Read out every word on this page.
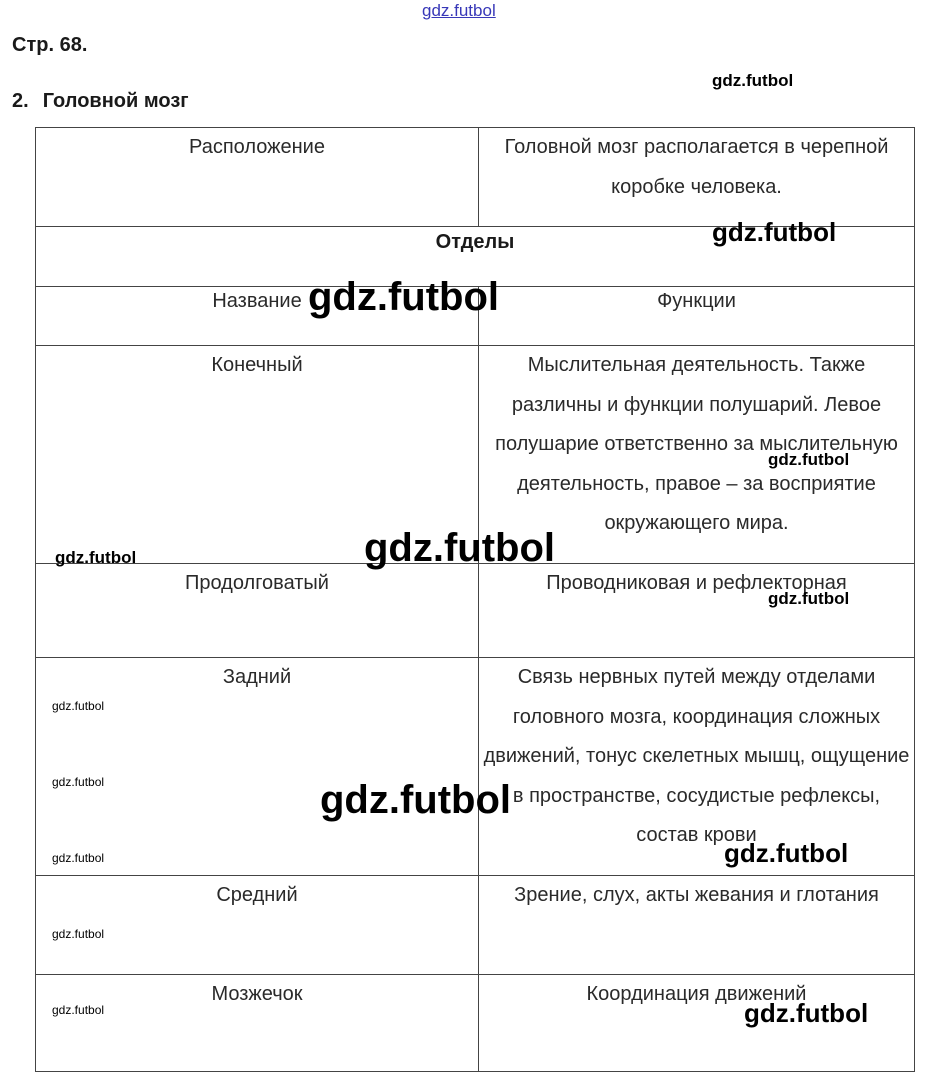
Стр. 68.
2. Головной мозг
Расположение	Головной мозг располагается в черепной коробке человека.
Отделы	
Название	Функции
Конечный	Мыслительная деятельность. Также различны и функции полушарий. Левое полушарие ответственно за мыслительную деятельность, правое – за восприятие окружающего мира.
Продолговатый	Проводниковая и рефлекторная
Задний	Связь нервных путей между отделами головного мозга, координация сложных движений, тонус скелетных мышц, ощущение в пространстве, сосудистые рефлексы, состав крови
Средний	Зрение, слух, акты жевания и глотания
Мозжечок	Координация движений
gdz.futbol
gdz.futbol
gdz.futbol
gdz.futbol
gdz.futbol
gdz.futbol
gdz.futbol
gdz.futbol
gdz.futbol
gdz.futbol	gdz.futbol
gdz.futbol
gdz.futbol
gdz.futbol
gdz.futbol
gdz.futbol
